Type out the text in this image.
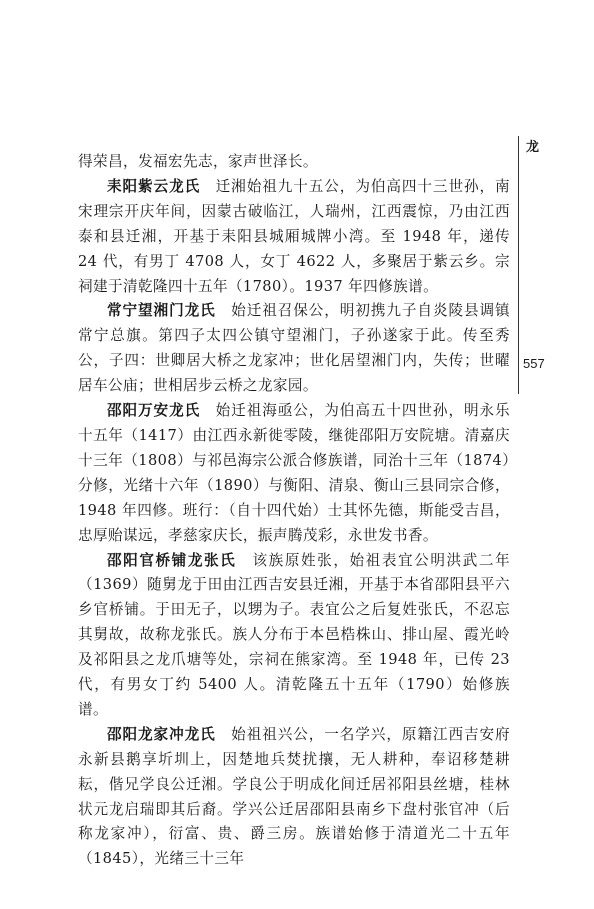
龙
557

得荣昌，发福宏先志，家声世泽长。

耒阳紫云龙氏　 迁湘始祖九十五公，为伯高四十三世孙，南宋理宗开庆年间，因蒙古破临江，人瑞州，江西震惊，乃由江西泰和县迁湘，开基于耒阳县城厢城牌小湾。至 1948 年，递传 24 代，有男丁 4708 人，女丁 4622 人，多聚居于紫云乡。宗祠建于清乾隆四十五年（1780）。1937 年四修族谱。

常宁望湘门龙氏　 始迁祖召保公，明初携九子自炎陵县调镇常宁总旗。第四子太四公镇守望湘门，子孙遂家于此。传至秀公，子四：世卿居大桥之龙家冲；世化居望湘门内，失传；世曜居车公庙；世相居步云桥之龙家园。

邵阳万安龙氏　 始迁祖海亟公，为伯高五十四世孙，明永乐十五年（1417）由江西永新徙零陵，继徙邵阳万安院塘。清嘉庆十三年（1808）与祁邑海宗公派合修族谱，同治十三年（1874）分修，光绪十六年（1890）与衡阳、清泉、衡山三县同宗合修，1948 年四修。班行：（自十四代始）士其怀先德，斯能受吉昌，忠厚贻谋远，孝慈家庆长，振声腾茂彩，永世发书香。

邵阳官桥铺龙张氏　 该族原姓张，始祖表宜公明洪武二年（1369）随舅龙于田由江西吉安县迁湘，开基于本省邵阳县平六乡官桥铺。于田无子，以甥为子。表宜公之后复姓张氏，不忍忘其舅故，故称龙张氏。族人分布于本邑梏株山、排山屋、霞光岭及祁阳县之龙爪塘等处，宗祠在熊家湾。至 1948 年，已传 23 代，有男女丁约 5400 人。清乾隆五十五年（1790）始修族谱。

邵阳龙家冲龙氏　 始祖祖兴公，一名学兴，原籍江西吉安府永新县鹅享圻圳上，因楚地兵焚扰攘，无人耕种，奉诏移楚耕耘，偕兄学良公迁湘。学良公于明成化间迁居祁阳县丝塘，桂林状元龙启瑞即其后裔。学兴公迁居邵阳县南乡下盘村张官冲（后称龙家冲），衍富、贵、爵三房。族谱始修于清道光二十五年（1845），光绪三十三年
